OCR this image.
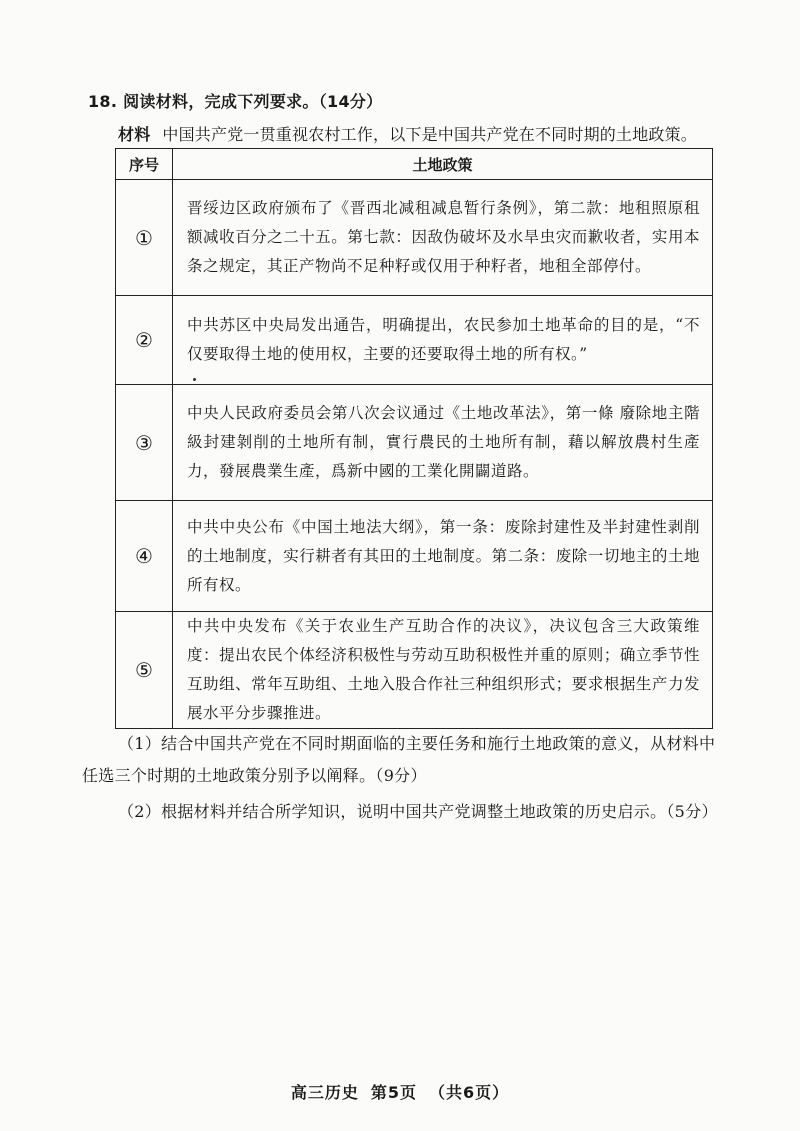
18. 阅读材料，完成下列要求。（14分）
材料 中国共产党一贯重视农村工作，以下是中国共产党在不同时期的土地政策。
序号	土地政策
①	晋绥边区政府颁布了《晋西北减租减息暂行条例》，第二款：地租照原租额减收百分之二十五。第七款：因敌伪破坏及水旱虫灾而歉收者，实用本条之规定，其正产物尚不足种籽或仅用于种籽者，地租全部停付。
②	中共苏区中央局发出通告，明确提出，农民参加土地革命的目的是，“不仅要取得土地的使用权，主要的还要取得土地的所有权。”
③	中央人民政府委员会第八次会议通过《土地改革法》，第一條 廢除地主階級封建剝削的土地所有制，實行農民的土地所有制，藉以解放農村生產力，發展農業生產，爲新中國的工業化開闢道路。
④	中共中央公布《中国土地法大纲》，第一条：废除封建性及半封建性剥削的土地制度，实行耕者有其田的土地制度。第二条：废除一切地主的土地所有权。
⑤	中共中央发布《关于农业生产互助合作的决议》，决议包含三大政策维度：提出农民个体经济积极性与劳动互助积极性并重的原则；确立季节性互助组、常年互助组、土地入股合作社三种组织形式；要求根据生产力发展水平分步骤推进。
（1）结合中国共产党在不同时期面临的主要任务和施行土地政策的意义，从材料中任选三个时期的土地政策分别予以阐释。（9分）
（2）根据材料并结合所学知识，说明中国共产党调整土地政策的历史启示。（5分）
高三历史 第5页 （共6页）
